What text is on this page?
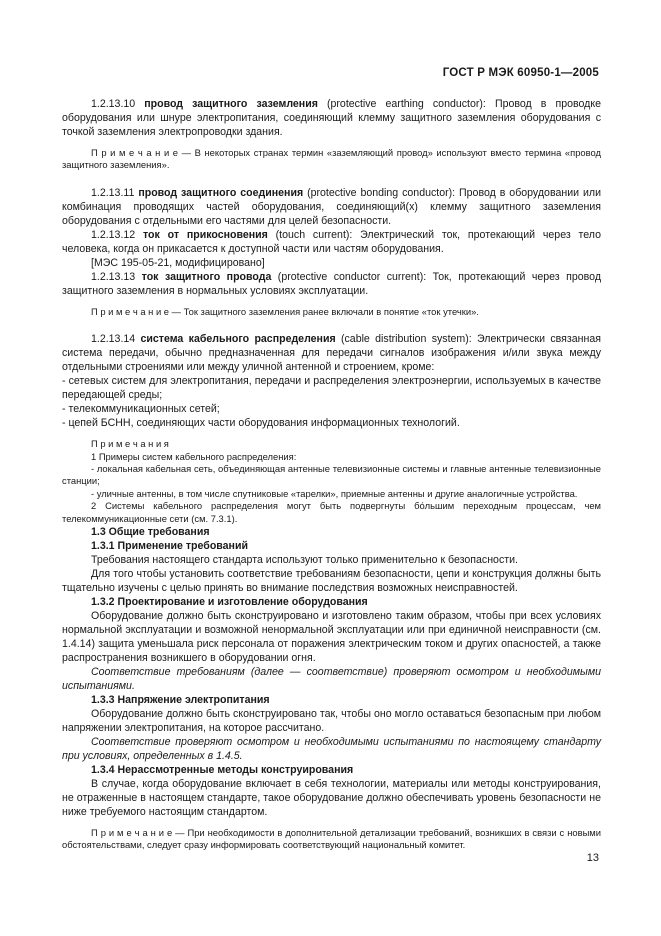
ГОСТ Р МЭК 60950-1—2005

1.2.13.10 провод защитного заземления (protective earthing conductor): Провод в проводке оборудования или шнуре электропитания, соединяющий клемму защитного заземления оборудования с точкой заземления электропроводки здания.

П р и м е ч а н и е — В некоторых странах термин «заземляющий провод» используют вместо термина «провод защитного заземления».

1.2.13.11 провод защитного соединения (protective bonding conductor): Провод в оборудовании или комбинация проводящих частей оборудования, соединяющий(х) клемму защитного заземления оборудования с отдельными его частями для целей безопасности.

1.2.13.12 ток от прикосновения (touch current): Электрический ток, протекающий через тело человека, когда он прикасается к доступной части или частям оборудования.

[МЭС 195-05-21, модифицировано]

1.2.13.13 ток защитного провода (protective conductor current): Ток, протекающий через провод защитного заземления в нормальных условиях эксплуатации.

П р и м е ч а н и е — Ток защитного заземления ранее включали в понятие «ток утечки».

1.2.13.14 система кабельного распределения (cable distribution system): Электрически связанная система передачи, обычно предназначенная для передачи сигналов изображения и/или звука между отдельными строениями или между уличной антенной и строением, кроме:

- сетевых систем для электропитания, передачи и распределения электроэнергии, используемых в качестве передающей среды;

- телекоммуникационных сетей;

- цепей БСНН, соединяющих части оборудования информационных технологий.

П р и м е ч а н и я

1 Примеры систем кабельного распределения:

- локальная кабельная сеть, объединяющая антенные телевизионные системы и главные антенные телевизионные станции;

- уличные антенны, в том числе спутниковые «тарелки», приемные антенны и другие аналогичные устройства.

2 Системы кабельного распределения могут быть подвергнуты бо́льшим переходным процессам, чем телекоммуникационные сети (см. 7.3.1).

1.3 Общие требования

1.3.1 Применение требований

Требования настоящего стандарта используют только применительно к безопасности.

Для того чтобы установить соответствие требованиям безопасности, цепи и конструкция должны быть тщательно изучены с целью принять во внимание последствия возможных неисправностей.

1.3.2 Проектирование и изготовление оборудования

Оборудование должно быть сконструировано и изготовлено таким образом, чтобы при всех условиях нормальной эксплуатации и возможной ненормальной эксплуатации или при единичной неисправности (см. 1.4.14) защита уменьшала риск персонала от поражения электрическим током и других опасностей, а также распространения возникшего в оборудовании огня.

Соответствие требованиям (далее — соответствие) проверяют осмотром и необходимыми испытаниями.

1.3.3 Напряжение электропитания

Оборудование должно быть сконструировано так, чтобы оно могло оставаться безопасным при любом напряжении электропитания, на которое рассчитано.

Соответствие проверяют осмотром и необходимыми испытаниями по настоящему стандарту при условиях, определенных в 1.4.5.

1.3.4 Нерассмотренные методы конструирования

В случае, когда оборудование включает в себя технологии, материалы или методы конструирования, не отраженные в настоящем стандарте, такое оборудование должно обеспечивать уровень безопасности не ниже требуемого настоящим стандартом.

П р и м е ч а н и е — При необходимости в дополнительной детализации требований, возникших в связи с новыми обстоятельствами, следует сразу информировать соответствующий национальный комитет.

13
